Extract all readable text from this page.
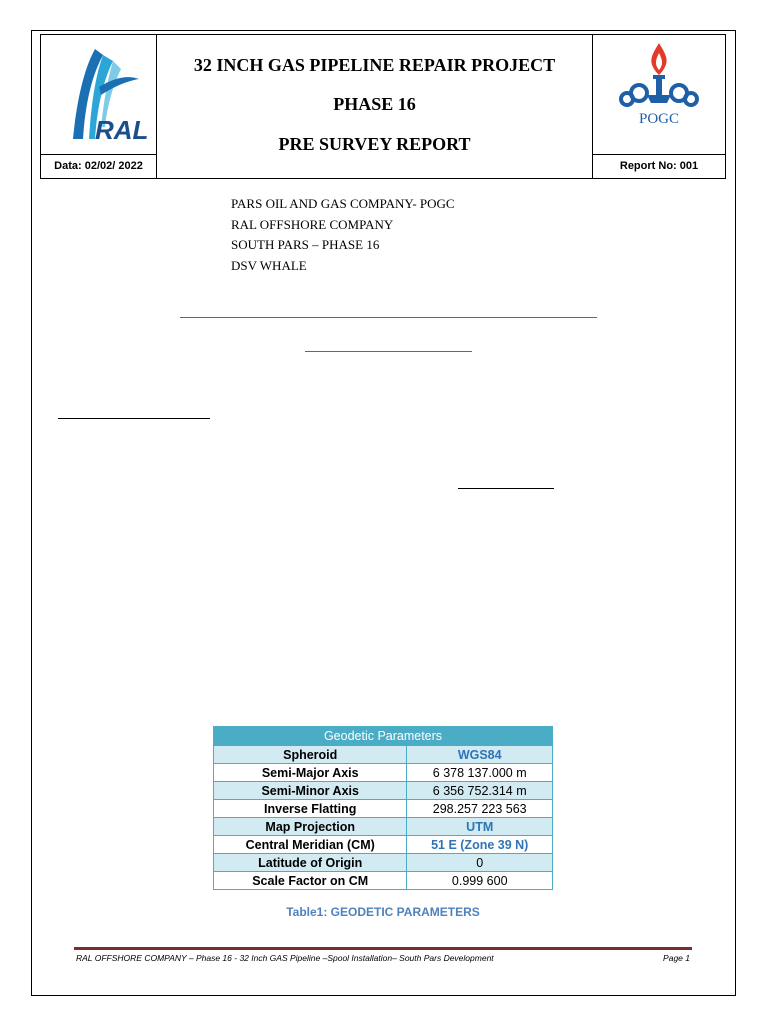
RAL
Data: 02/02/ 2022
32 INCH GAS PIPELINE REPAIR PROJECT
PHASE 16
PRE SURVEY REPORT
POGC
Report No: 001
PARS OIL AND GAS COMPANY- POGC
RAL OFFSHORE COMPANY
SOUTH PARS – PHASE 16
DSV WHALE
Geodetic Parameters	
Spheroid	WGS84
Semi-Major Axis	6 378 137.000 m
Semi-Minor Axis	6 356 752.314 m
Inverse Flatting	298.257 223 563
Map Projection	UTM
Central Meridian (CM)	51 E (Zone 39 N)
Latitude of Origin	0
Scale Factor on CM	0.999 600
Table1: GEODETIC PARAMETERS
RAL OFFSHORE COMPANY – Phase 16 - 32 Inch GAS Pipeline –Spool Installation– South Pars Development	Page 1
